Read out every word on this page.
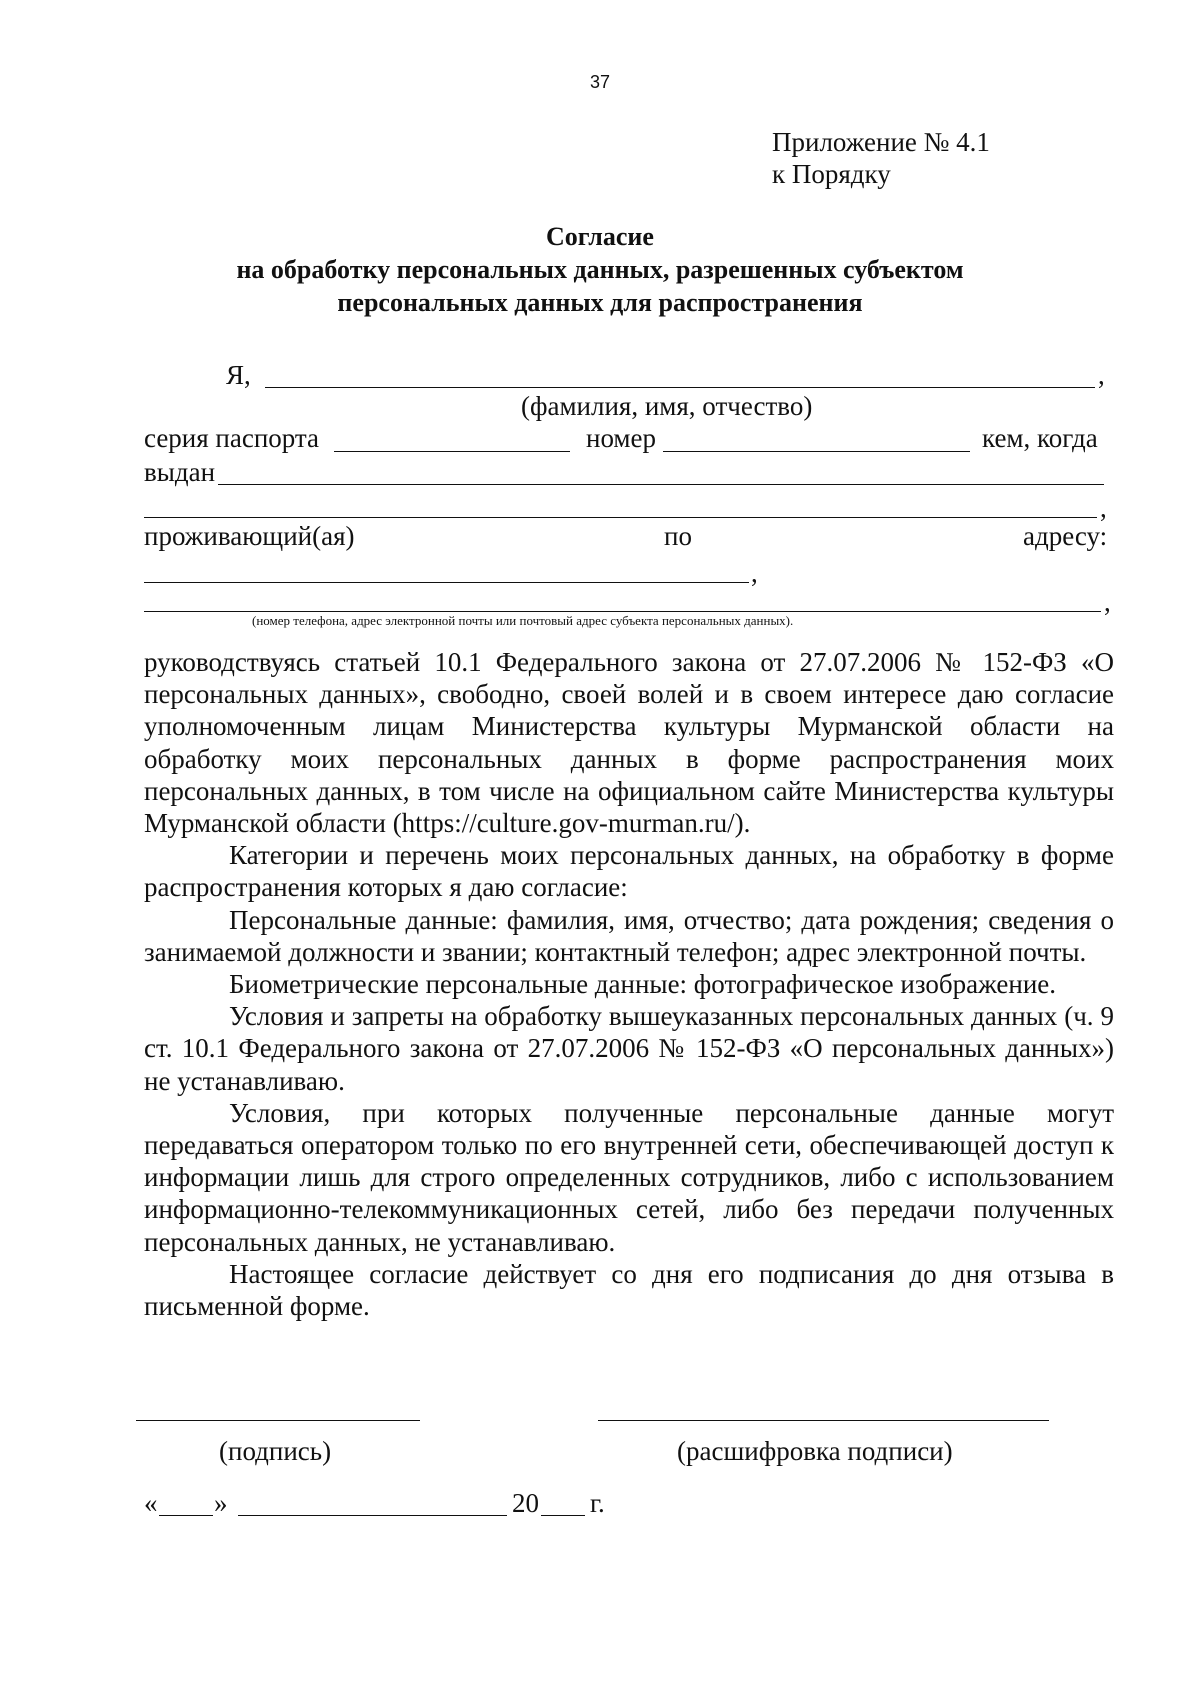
37
Приложение № 4.1
к Порядку
Согласие
на обработку персональных данных, разрешенных субъектом
персональных данных для распространения
Я,	,
(фамилия, имя, отчество)
серия паспорта	номер	кем, когда
выдан
,
проживающий(ая)	по	адресу:
,
,
(номер телефона, адрес электронной почты или почтовый адрес субъекта персональных данных).

руководствуясь статьей 10.1 Федерального закона от 27.07.2006 № 152-ФЗ «О персональных данных», свободно, своей волей и в своем интересе даю согласие уполномоченным лицам Министерства культуры Мурманской области на обработку моих персональных данных в форме распространения моих персональных данных, в том числе на официальном сайте Министерства культуры Мурманской области (https://culture.gov-murman.ru/).

Категории и перечень моих персональных данных, на обработку в форме распространения которых я даю согласие:

Персональные данные: фамилия, имя, отчество; дата рождения; сведения о занимаемой должности и звании; контактный телефон; адрес электронной почты.

Биометрические персональные данные: фотографическое изображение.

Условия и запреты на обработку вышеуказанных персональных данных (ч. 9 ст. 10.1 Федерального закона от 27.07.2006 № 152-ФЗ «О персональных данных») не устанавливаю.

Условия, при которых полученные персональные данные могут передаваться оператором только по его внутренней сети, обеспечивающей доступ к информации лишь для строго определенных сотрудников, либо с использованием информационно-телекоммуникационных сетей, либо без передачи полученных персональных данных, не устанавливаю.

Настоящее согласие действует со дня его подписания до дня отзыва в письменной форме.

(подпись)	(расшифровка подписи)
« »	20 г.
